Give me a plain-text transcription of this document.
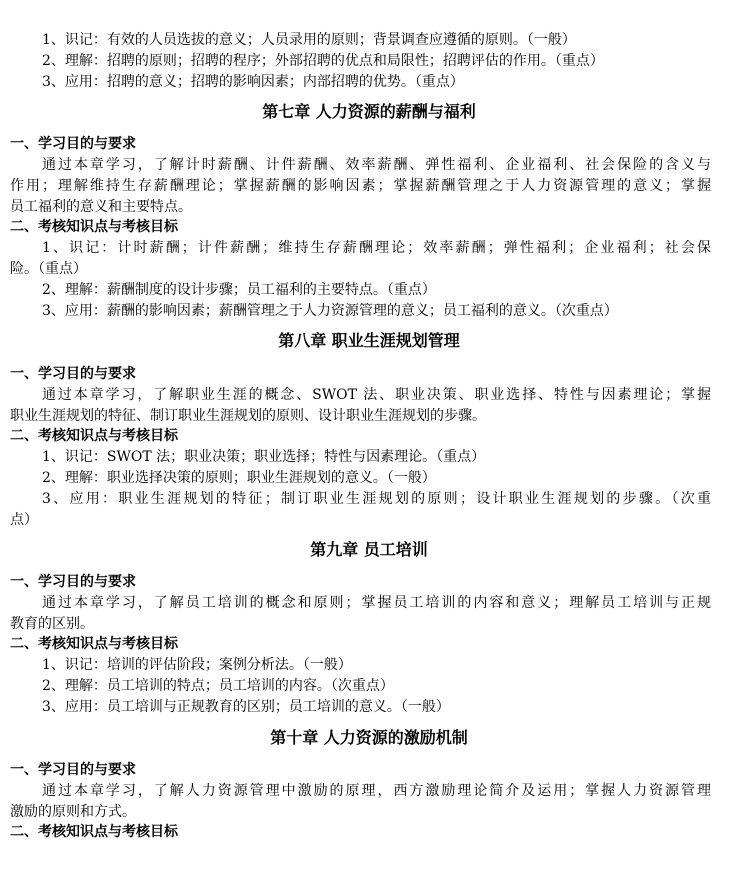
1、识记：有效的人员选拔的意义；人员录用的原则；背景调查应遵循的原则。（一般）
2、理解：招聘的原则；招聘的程序；外部招聘的优点和局限性；招聘评估的作用。（重点）
3、应用：招聘的意义；招聘的影响因素；内部招聘的优势。（重点）
第七章 人力资源的薪酬与福利
一、学习目的与要求
通过本章学习，了解计时薪酬、计件薪酬、效率薪酬、弹性福利、企业福利、社会保险的含义与
作用；理解维持生存薪酬理论；掌握薪酬的影响因素；掌握薪酬管理之于人力资源管理的意义；掌握
员工福利的意义和主要特点。
二、考核知识点与考核目标
1、识记：计时薪酬；计件薪酬；维持生存薪酬理论；效率薪酬；弹性福利；企业福利；社会保
险。（重点）
2、理解：薪酬制度的设计步骤；员工福利的主要特点。（重点）
3、应用：薪酬的影响因素；薪酬管理之于人力资源管理的意义；员工福利的意义。（次重点）
第八章 职业生涯规划管理
一、学习目的与要求
通过本章学习，了解职业生涯的概念、SWOT 法、职业决策、职业选择、特性与因素理论；掌握
职业生涯规划的特征、制订职业生涯规划的原则、设计职业生涯规划的步骤。
二、考核知识点与考核目标
1、识记：SWOT 法；职业决策；职业选择；特性与因素理论。（重点）
2、理解：职业选择决策的原则；职业生涯规划的意义。（一般）
3、应用：职业生涯规划的特征；制订职业生涯规划的原则；设计职业生涯规划的步骤。（次重
点）
第九章 员工培训
一、学习目的与要求
通过本章学习，了解员工培训的概念和原则；掌握员工培训的内容和意义；理解员工培训与正规
教育的区别。
二、考核知识点与考核目标
1、识记：培训的评估阶段；案例分析法。（一般）
2、理解：员工培训的特点；员工培训的内容。（次重点）
3、应用：员工培训与正规教育的区别；员工培训的意义。（一般）
第十章 人力资源的激励机制
一、学习目的与要求
通过本章学习，了解人力资源管理中激励的原理，西方激励理论简介及运用；掌握人力资源管理
激励的原则和方式。
二、考核知识点与考核目标
